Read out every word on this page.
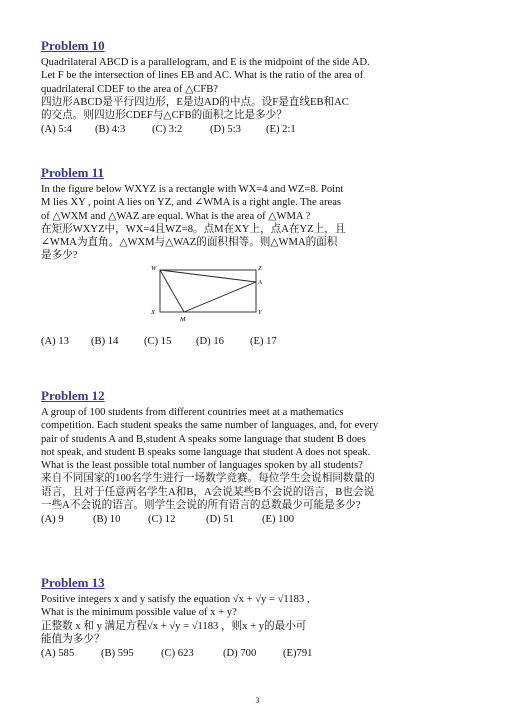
Problem 10
Quadrilateral ABCD is a parallelogram, and E is the midpoint of the side AD.
Let F be the intersection of lines EB and AC. What is the ratio of the area of
quadrilateral CDEF to the area of △CFB?
四边形ABCD是平行四边形，E是边AD的中点。设F是直线EB和AC
的交点。则四边形CDEF与△CFB的面积之比是多少？
(A) 5:4	(B) 4:3	(C) 3:2	(D) 5:3	(E) 2:1
Problem 11
In the figure below WXYZ is a rectangle with WX=4 and WZ=8. Point
M lies XY , point A lies on YZ, and ∠WMA is a right angle. The areas
of △WXM and △WAZ are equal. What is the area of △WMA ?
在矩形WXYZ中，WX=4且WZ=8。点M在XY上，点A在YZ上，且
∠WMA为直角。△WXM与△WAZ的面积相等。则△WMA的面积
是多少?
W	Z
A
X
M
Y
(A) 13	(B) 14	(C) 15	(D) 16	(E) 17
Problem 12
A group of 100 students from different countries meet at a mathematics
competition. Each student speaks the same number of languages, and, for every
pair of students A and B,student A speaks some language that student B does
not speak, and student B speaks some language that student A does not speak.
What is the least possible total number of languages spoken by all students?
来自不同国家的100名学生进行一场数学竞赛。每位学生会说相同数量的
语言，且对于任意两名学生A和B，A会说某些B不会说的语言，B也会说
一些A不会说的语言。则学生会说的所有语言的总数最少可能是多少?
(A) 9	(B) 10	(C) 12	(D) 51	(E) 100
Problem 13
Positive integers x and y satisfy the equation √x + √y = √1183 ,
What is the minimum possible value of x + y?
正整数 x 和 y 满足方程√x + √y = √1183 ，则x + y的最小可
能值为多少？
(A) 585	(B) 595	(C) 623	(D) 700	(E)791
3
